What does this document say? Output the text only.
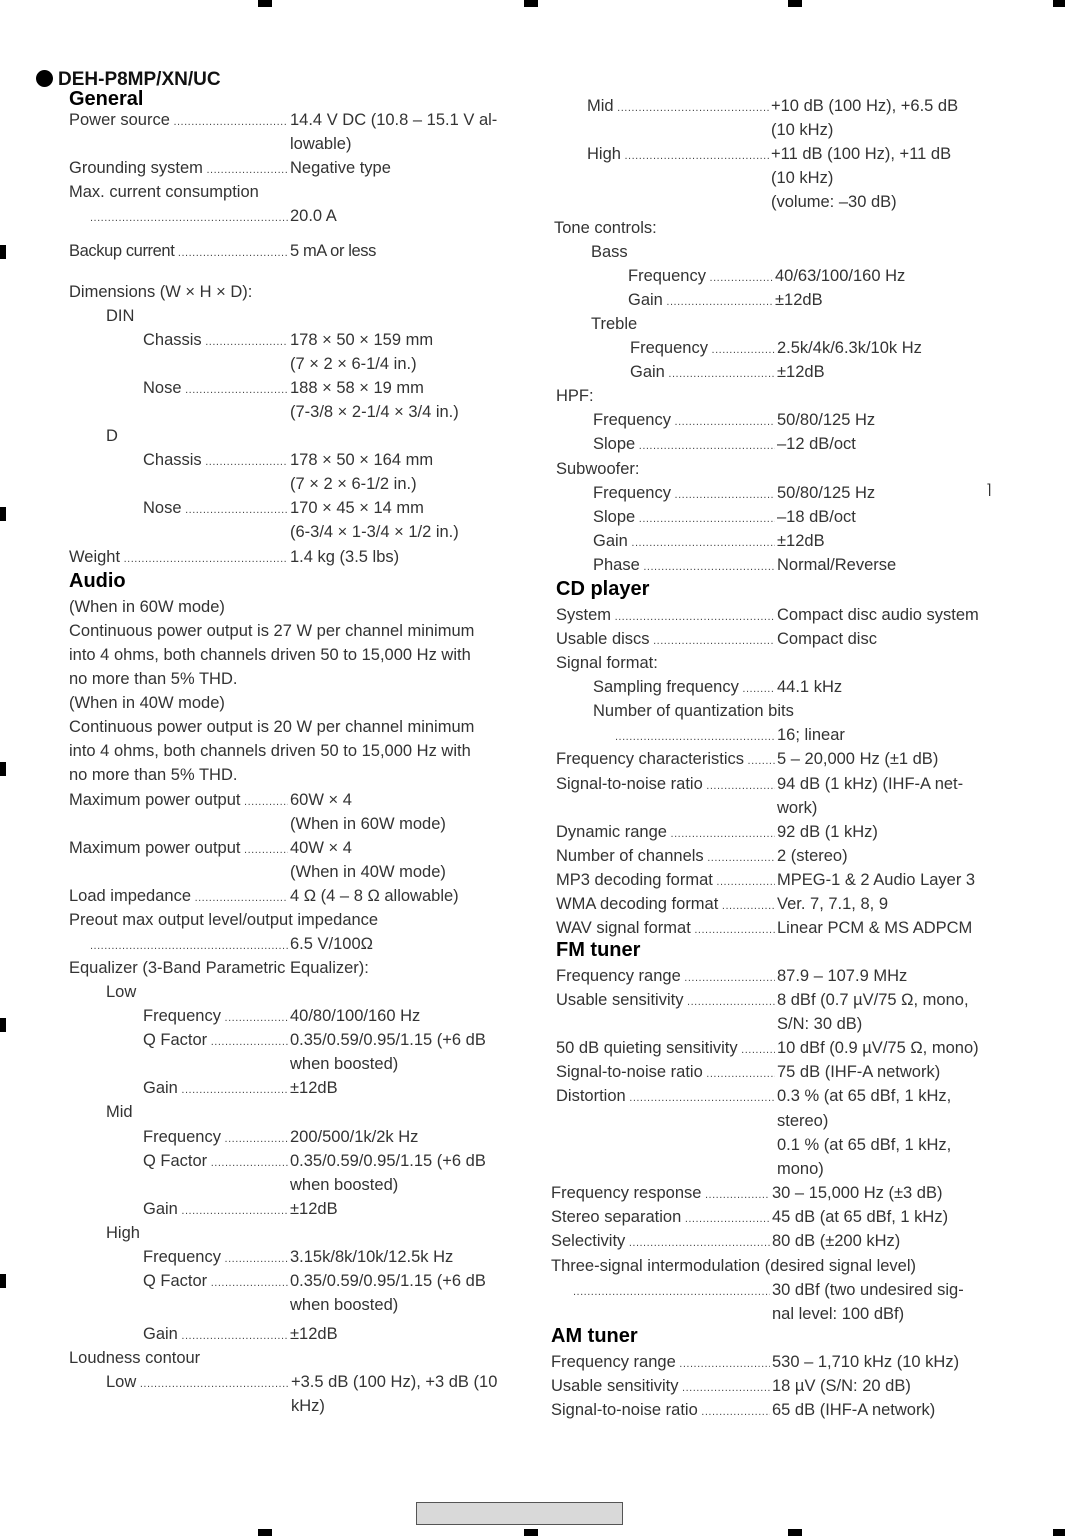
DEH-P8MP/XN/UC
General
Power source .....	14.4 V DC (10.8 – 15.1 V al-
lowable)
Grounding system .....	Negative type
Max. current consumption
.....
20.0 A
Backup current .....	5 mA or less
Dimensions (W × H × D):
DIN
Chassis .....	178 × 50 × 159 mm
(7 × 2 × 6-1/4 in.)
Nose .....	188 × 58 × 19 mm
(7-3/8 × 2-1/4 × 3/4 in.)
D
Chassis .....	178 × 50 × 164 mm
(7 × 2 × 6-1/2 in.)
Nose .....	170 × 45 × 14 mm
(6-3/4 × 1-3/4 × 1/2 in.)
Weight .....	1.4 kg (3.5 lbs)
Audio
(When in 60W mode)
Continuous power output is 27 W per channel minimum
into 4 ohms, both channels driven 50 to 15,000 Hz with
no more than 5% THD.
(When in 40W mode)
Continuous power output is 20 W per channel minimum
into 4 ohms, both channels driven 50 to 15,000 Hz with
no more than 5% THD.
Maximum power output .....	60W × 4
(When in 60W mode)
Maximum power output .....	40W × 4
(When in 40W mode)
Load impedance .....	4 Ω (4 – 8 Ω allowable)
Preout max output level/output impedance
.....
6.5 V/100Ω
Equalizer (3-Band Parametric Equalizer):
Low
Frequency .....	40/80/100/160 Hz
Q Factor .....	0.35/0.59/0.95/1.15 (+6 dB
when boosted)
Gain .....	±12dB
Mid
Frequency .....	200/500/1k/2k Hz
Q Factor .....	0.35/0.59/0.95/1.15 (+6 dB
when boosted)
Gain .....	±12dB
High
Frequency .....	3.15k/8k/10k/12.5k Hz
Q Factor .....	0.35/0.59/0.95/1.15 (+6 dB
when boosted)
Gain .....	±12dB
Loudness contour
Low .....	+3.5 dB (100 Hz), +3 dB (10
kHz)
Mid .....	+10 dB (100 Hz), +6.5 dB
(10 kHz)
High .....	+11 dB (100 Hz), +11 dB
(10 kHz)
(volume: –30 dB)
Tone controls:
Bass
Frequency .....	40/63/100/160 Hz
Gain .....	±12dB
Treble
Frequency .....	2.5k/4k/6.3k/10k Hz
Gain .....	±12dB
HPF:
Frequency .....	50/80/125 Hz
Slope .....	–12 dB/oct
Subwoofer:
Frequency .....	50/80/125 Hz
Slope .....	–18 dB/oct
Gain .....	±12dB
Phase .....	Normal/Reverse
CD player
System .....	Compact disc audio system
Usable discs .....	Compact disc
Signal format:
Sampling frequency .....	44.1 kHz
Number of quantization bits
.....
16; linear
Frequency characteristics .....	5 – 20,000 Hz (±1 dB)
Signal-to-noise ratio .....	94 dB (1 kHz) (IHF-A net-
work)
Dynamic range .....	92 dB (1 kHz)
Number of channels .....	2 (stereo)
MP3 decoding format .....	MPEG-1 & 2 Audio Layer 3
WMA decoding format .....	Ver. 7, 7.1, 8, 9
WAV signal format .....	Linear PCM & MS ADPCM
FM tuner
Frequency range .....	87.9 – 107.9 MHz
Usable sensitivity .....	8 dBf (0.7 µV/75 Ω, mono,
S/N: 30 dB)
50 dB quieting sensitivity .....	10 dBf (0.9 µV/75 Ω, mono)
Signal-to-noise ratio .....	75 dB (IHF-A network)
Distortion .....	0.3 % (at 65 dBf, 1 kHz,
stereo)
0.1 % (at 65 dBf, 1 kHz,
mono)
Frequency response .....	30 – 15,000 Hz (±3 dB)
Stereo separation .....	45 dB (at 65 dBf, 1 kHz)
Selectivity .....	80 dB (±200 kHz)
Three-signal intermodulation (desired signal level)
.....
30 dBf (two undesired sig-
nal level: 100 dBf)
AM tuner
Frequency range .....	530 – 1,710 kHz (10 kHz)
Usable sensitivity .....	18 µV (S/N: 20 dB)
Signal-to-noise ratio .....	65 dB (IHF-A network)
⌉
